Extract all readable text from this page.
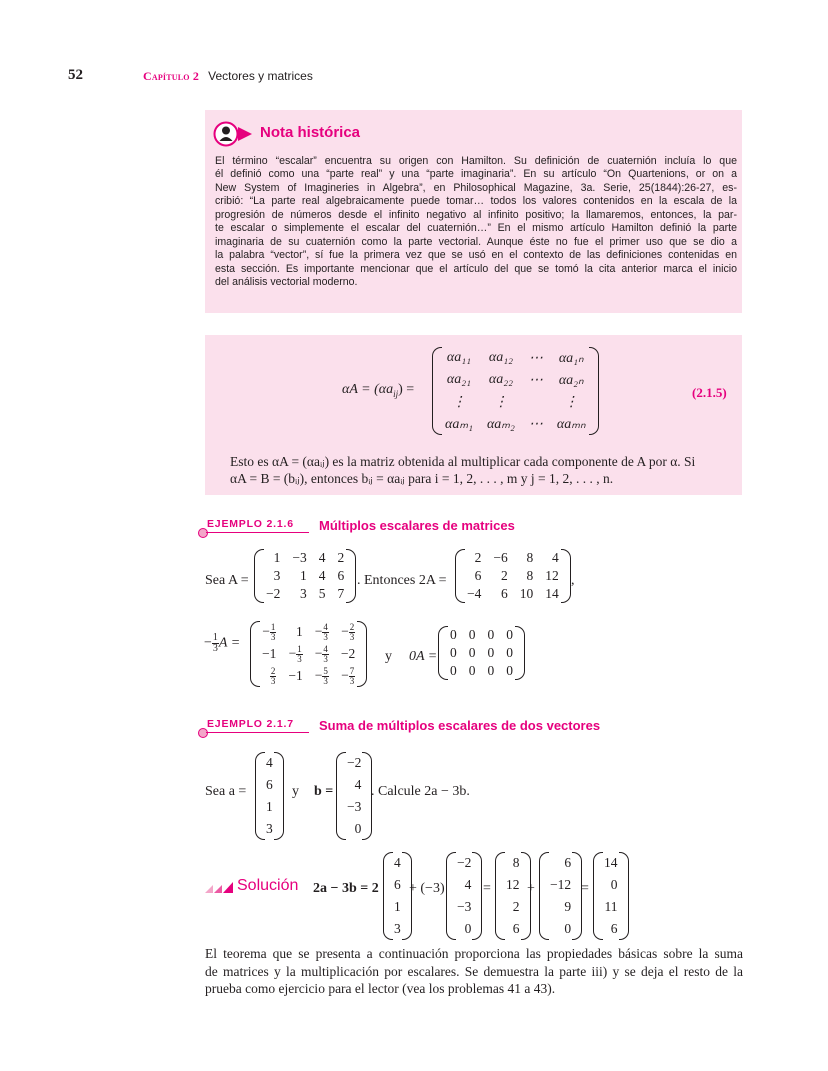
52	Capítulo 2 Vectores y matrices
Nota histórica
El término “escalar” encuentra su origen con Hamilton. Su definición de cuaternión incluía lo que
él definió como una “parte real” y una “parte imaginaria”. En su artículo “On Quartenions, or on a
New System of Imagineries in Algebra”, en Philosophical Magazine, 3a. Serie, 25(1844):26-27, es-
cribió: “La parte real algebraicamente puede tomar… todos los valores contenidos en la escala de la
progresión de números desde el infinito negativo al infinito positivo; la llamaremos, entonces, la par-
te escalar o simplemente el escalar del cuaternión…” En el mismo artículo Hamilton definió la parte
imaginaria de su cuaternión como la parte vectorial. Aunque éste no fue el primer uso que se dio a
la palabra “vector”, sí fue la primera vez que se usó en el contexto de las definiciones contenidas en
esta sección. Es importante mencionar que el artículo del que se tomó la cita anterior marca el inicio
del análisis vectorial moderno.
$\alpha A = (\alpha a_{ij})$ =
αa₁₁	αa₁₂	⋯	αa₁ₙ
αa₂₁	αa₂₂	⋯	αa₂ₙ
⋮	⋮		⋮
αaₘ₁	αaₘ₂	⋯	αaₘₙ
(2.1.5)
Esto es αA = (αaᵢⱼ) es la matriz obtenida al multiplicar cada componente de A por α. Si
αA = B = (bᵢⱼ), entonces bᵢⱼ = αaᵢⱼ para i = 1, 2, . . . , m y j = 1, 2, . . . , n.
EJEMPLO 2.1.6 Múltiplos escalares de matrices
Sea A =
1	−3	4	2
3	1	4	6
−2	3	5	7
. Entonces 2A =
2	−6	8	4
6	2	8	12
−4	6	10	14
,
− $\frac{1}{3}$ A =
− $\frac{1}{3}$	1	− $\frac{4}{3}$	− $\frac{2}{3}$

−1	− $\frac{1}{3}$	− $\frac{4}{3}$	−2

$\frac{2}{3}$	−1	− $\frac{5}{3}$	− $\frac{7}{3}$
y 0A =
0	0	0	0
0	0	0	0
0	0	0	0
EJEMPLO 2.1.7 Suma de múltiplos escalares de dos vectores
Sea a =
4
6
1
3
y b =
−2
4
−3
0
. Calcule 2a − 3b.
Solución 2a − 3b = 2
4
6
1
3
+ (−3)
−2
4
−3
0
=
8
12
2
6
+
6
−12
9
0
=
14
0
11
6
El teorema que se presenta a continuación proporciona las propiedades básicas sobre la suma
de matrices y la multiplicación por escalares. Se demuestra la parte iii) y se deja el resto de la
prueba como ejercicio para el lector (vea los problemas 41 a 43).
